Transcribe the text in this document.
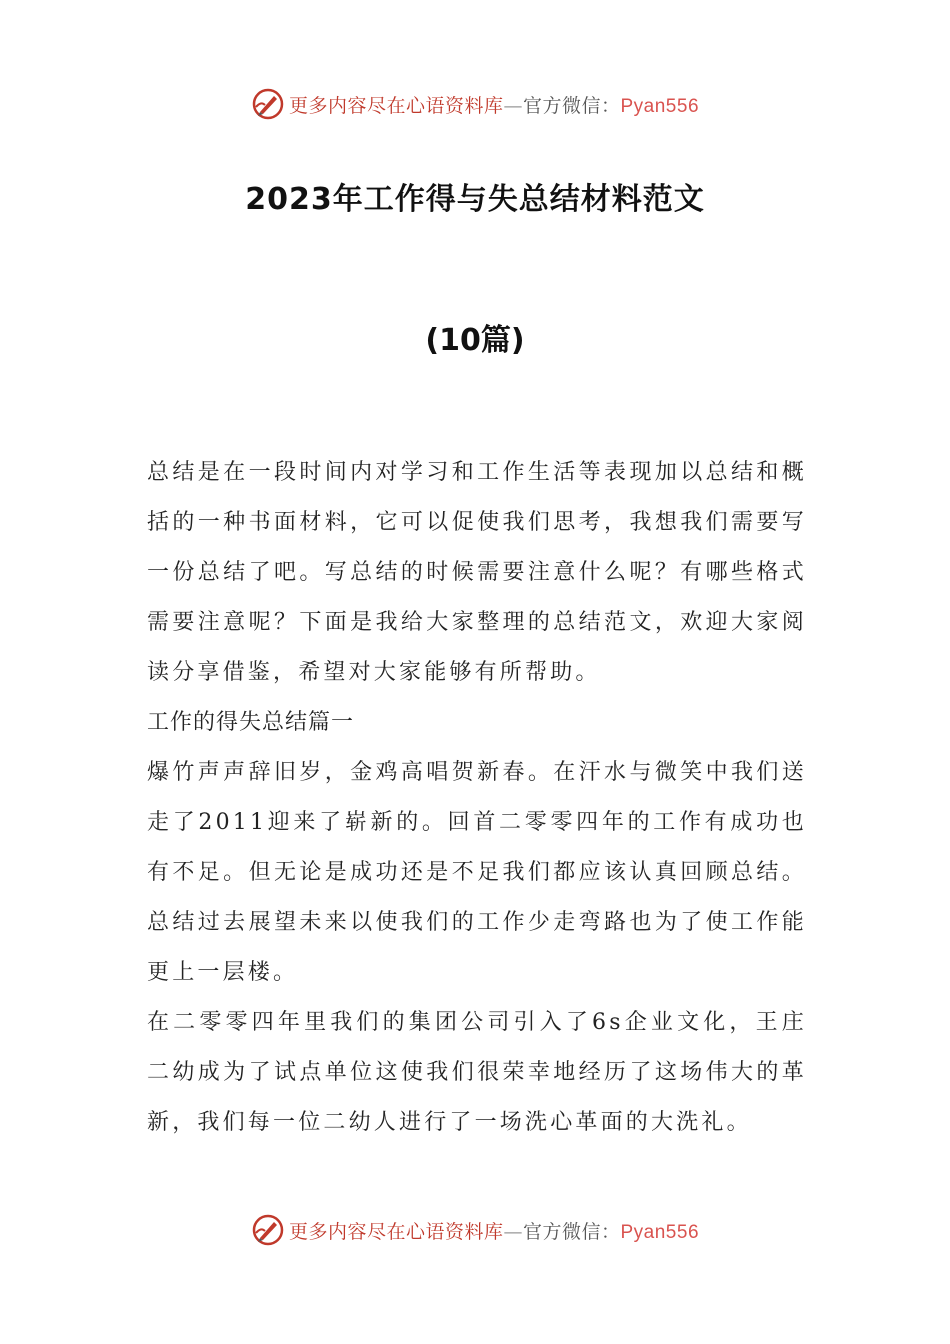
更多内容尽在心语资料库—官方微信：Pyan556
2023年工作得与失总结材料范文
(10篇)

总结是在一段时间内对学习和工作生活等表现加以总结和概括的一种书面材料，它可以促使我们思考，我想我们需要写一份总结了吧。写总结的时候需要注意什么呢？有哪些格式需要注意呢？下面是我给大家整理的总结范文，欢迎大家阅读分享借鉴，希望对大家能够有所帮助。

工作的得失总结篇一

爆竹声声辞旧岁，金鸡高唱贺新春。在汗水与微笑中我们送走了2011迎来了崭新的。回首二零零四年的工作有成功也有不足。但无论是成功还是不足我们都应该认真回顾总结。总结过去展望未来以使我们的工作少走弯路也为了使工作能更上一层楼。

在二零零四年里我们的集团公司引入了6s企业文化，王庄二幼成为了试点单位这使我们很荣幸地经历了这场伟大的革新，我们每一位二幼人进行了一场洗心革面的大洗礼。

更多内容尽在心语资料库—官方微信：Pyan556
